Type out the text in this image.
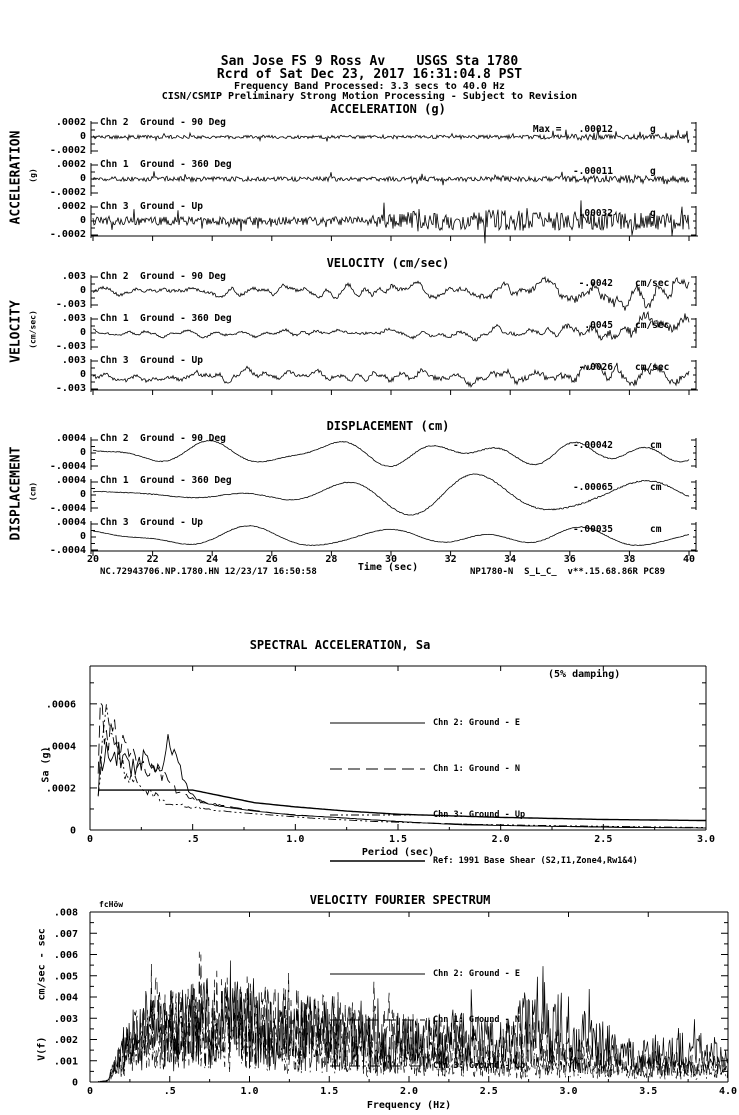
San Jose FS 9 Ross Av    USGS Sta 1780
Rcrd of Sat Dec 23, 2017 16:31:04.8 PST
Frequency Band Processed: 3.3 secs to 40.0 Hz
CISN/CSMIP Preliminary Strong Motion Processing - Subject to Revision

ACCELERATION (g)

ACCELERATION

(g)

.0002

0

-.0002

Chn 2  Ground - 90 Deg

Max =   .00012

	g

.0002

0

-.0002

Chn 1  Ground - 360 Deg

-.00011

	g

.0002

0

-.0002

Chn 3  Ground - Up

.00032

	g

VELOCITY (cm/sec)

VELOCITY

(cm/sec)

.003

0

-.003

Chn 2  Ground - 90 Deg

-.0042

cm/sec

.003

0

-.003

Chn 1  Ground - 360 Deg

.0045

cm/sec

.003

0

-.003

Chn 3  Ground - Up

-.0026

cm/sec

DISPLACEMENT (cm)

DISPLACEMENT

(cm)

.0004

0

-.0004

Chn 2  Ground - 90 Deg

-.00042

	cm

.0004

0

-.0004

Chn 1  Ground - 360 Deg

-.00065

	cm

.0004

0

-.0004

Chn 3  Ground - Up

-.00035

	cm

20	22	24	26	28	30	32	34	36	38	40

Time (sec)

NC.72943706.NP.1780.HN 12/23/17 16:50:58

	NP1780-N  S_L_C_  v**.15.68.86R PC89

SPECTRAL ACCELERATION, Sa

(5% damping)

Chn 2: Ground - E

Chn 1: Ground - N

Chn 3: Ground - Up

Ref: 1991 Base Shear (S2,I1,Zone4,Rw1&4)

Sa (g)

.0006
.0004
.0002
0
0	.5	1.0	1.5	2.0	2.5	3.0
Period (sec)

VELOCITY FOURIER SPECTRUM

fcHöw

Chn 2: Ground - E

Chn 1: Ground - N

Chn 3: Ground - Up

V(f)      cm/sec - sec

.008
.007
.006
.005
.004
.003
.002
.001
0
0	.5	1.0	1.5	2.0	2.5	3.0	3.5	4.0
Frequency (Hz)
